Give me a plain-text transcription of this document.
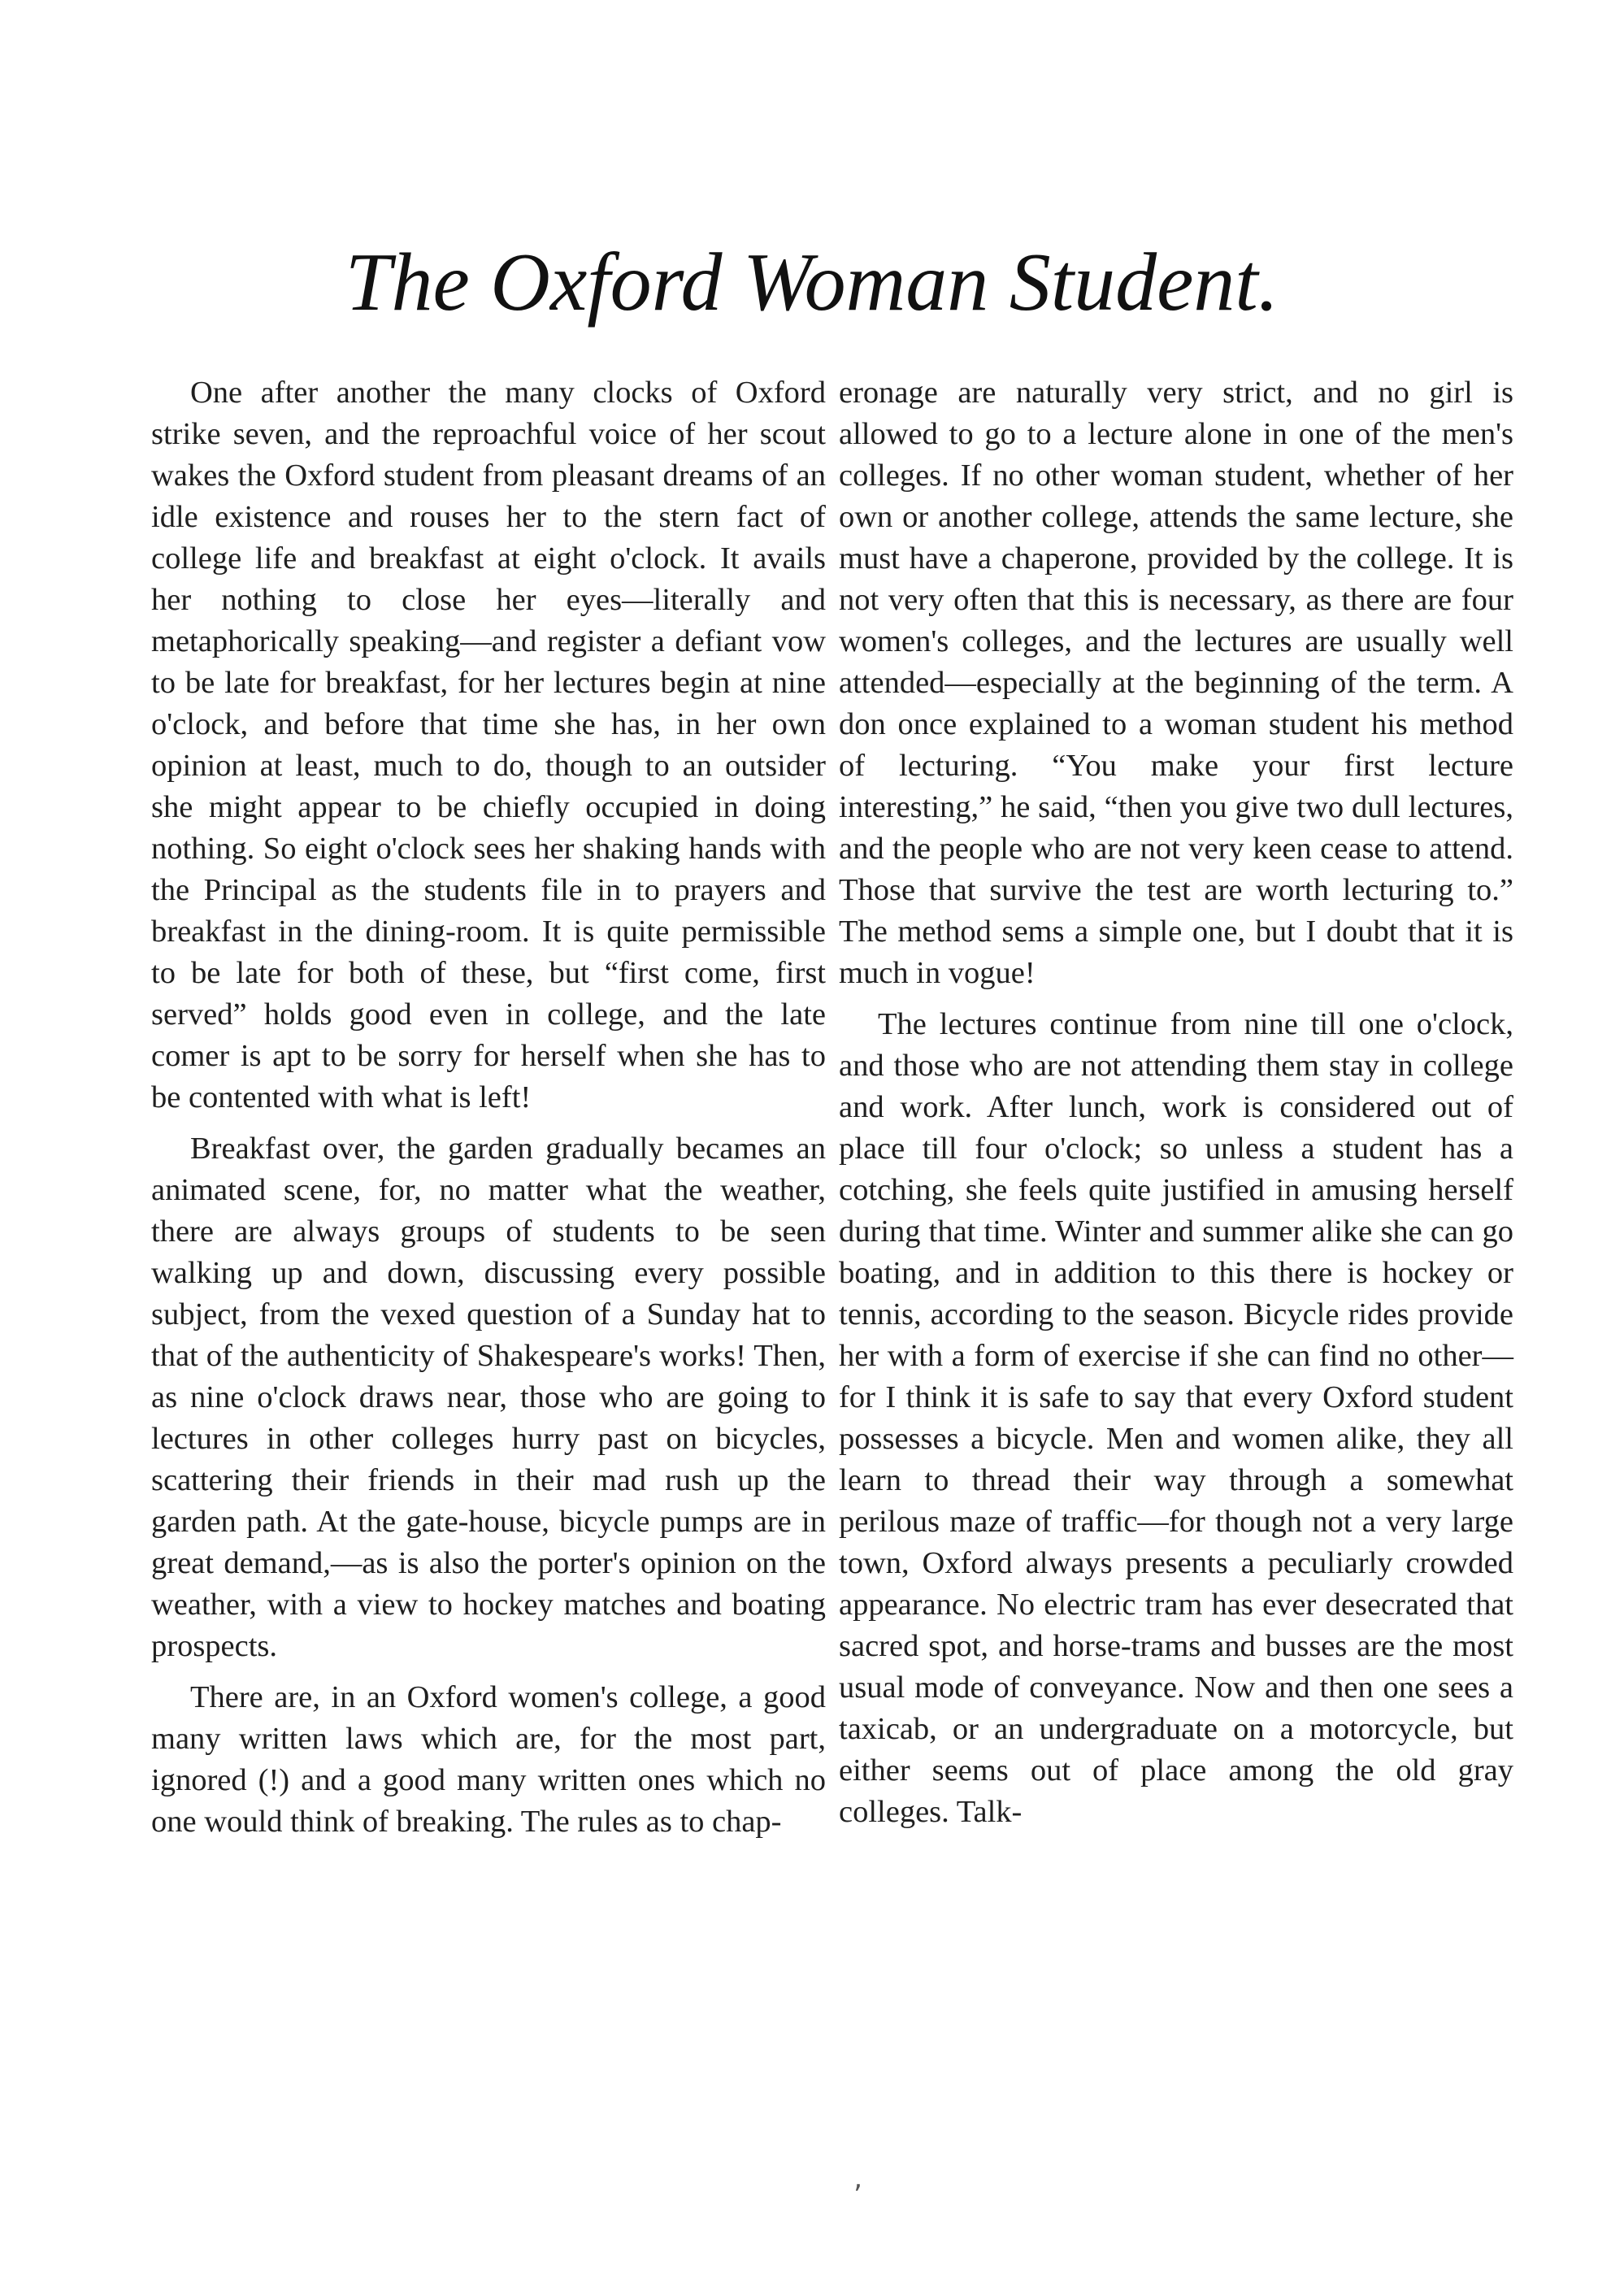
The Oxford Woman Student.

One after another the many clocks of Oxford strike seven, and the reproachful voice of her scout wakes the Oxford student from pleasant dreams of an idle existence and rouses her to the stern fact of college life and breakfast at eight o'clock. It avails her nothing to close her eyes—literally and metaphorically speaking—and register a defiant vow to be late for breakfast, for her lectures begin at nine o'clock, and before that time she has, in her own opinion at least, much to do, though to an outsider she might appear to be chiefly occupied in doing nothing. So eight o'clock sees her shaking hands with the Principal as the students file in to prayers and breakfast in the dining-room. It is quite permissible to be late for both of these, but “first come, first served” holds good even in college, and the late comer is apt to be sorry for herself when she has to be contented with what is left!

Breakfast over, the garden gradually becames an animated scene, for, no matter what the weather, there are always groups of students to be seen walking up and down, discussing every possible subject, from the vexed question of a Sunday hat to that of the authenticity of Shakespeare's works! Then, as nine o'clock draws near, those who are going to lectures in other colleges hurry past on bicycles, scattering their friends in their mad rush up the garden path. At the gate-house, bicycle pumps are in great demand,—as is also the porter's opinion on the weather, with a view to hockey matches and boating prospects.

There are, in an Oxford women's college, a good many written laws which are, for the most part, ignored (!) and a good many written ones which no one would think of breaking. The rules as to chap-

eronage are naturally very strict, and no girl is allowed to go to a lecture alone in one of the men's colleges. If no other woman student, whether of her own or another college, attends the same lecture, she must have a chaperone, provided by the college. It is not very often that this is necessary, as there are four women's colleges, and the lectures are usually well attended—especially at the beginning of the term. A don once explained to a woman student his method of lecturing. “You make your first lecture interesting,” he said, “then you give two dull lectures, and the people who are not very keen cease to attend. Those that survive the test are worth lecturing to.” The method sems a simple one, but I doubt that it is much in vogue!

The lectures continue from nine till one o'clock, and those who are not attending them stay in college and work. After lunch, work is considered out of place till four o'clock; so unless a student has a cotching, she feels quite justified in amusing herself during that time. Winter and summer alike she can go boating, and in addition to this there is hockey or tennis, according to the season. Bicycle rides provide her with a form of exercise if she can find no other—for I think it is safe to say that every Oxford student possesses a bicycle. Men and women alike, they all learn to thread their way through a somewhat perilous maze of traffic—for though not a very large town, Oxford always presents a peculiarly crowded appearance. No electric tram has ever desecrated that sacred spot, and horse-trams and busses are the most usual mode of conveyance. Now and then one sees a taxicab, or an undergraduate on a motorcycle, but either seems out of place among the old gray colleges. Talk-

‚
